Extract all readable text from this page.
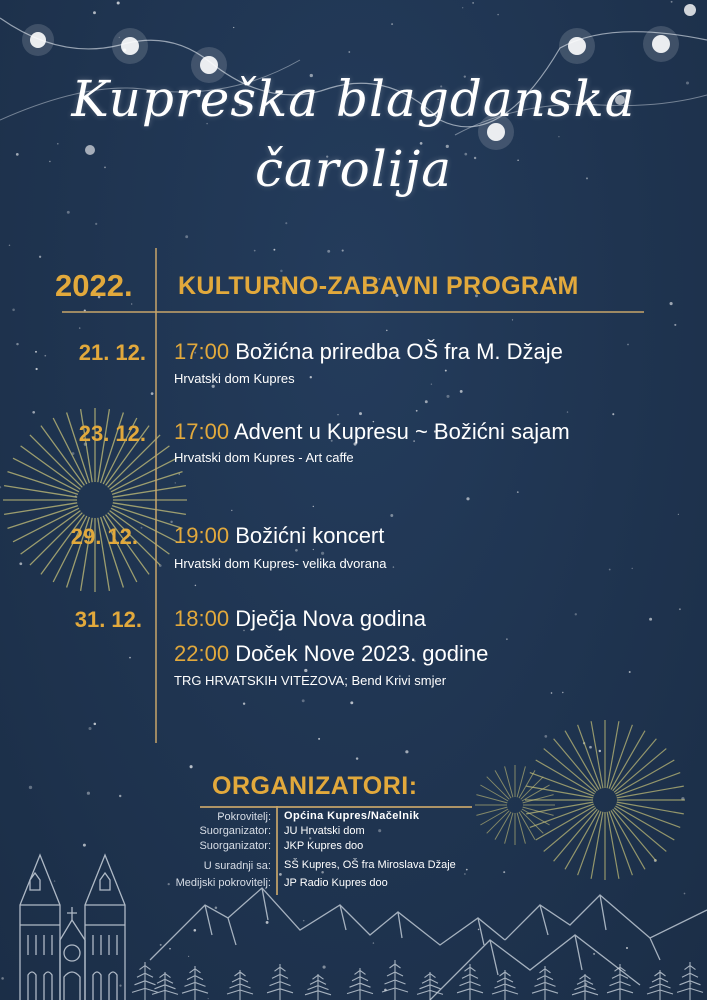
Kupreška blagdanska
čarolija
2022. KULTURNO-ZABAVNI PROGRAM
21. 12. 17:00 Božićna priredba OŠ fra M. Džaje
Hrvatski dom Kupres
23. 12. 17:00 Advent u Kupresu ~ Božićni sajam
Hrvatski dom Kupres - Art caffe
29. 12. 19:00 Božićni koncert
Hrvatski dom Kupres- velika dvorana
31. 12. 18:00 Dječja Nova godina
22:00 Doček Nove 2023. godine
TRG HRVATSKIH VITEZOVA; Bend Krivi smjer
ORGANIZATORI:
Pokrovitelj: Općina Kupres/Načelnik
Suorganizator: JU Hrvatski dom
Suorganizator: JKP Kupres doo
U suradnji sa: SŠ Kupres, OŠ fra Miroslava Džaje
Medijski pokrovitelj: JP Radio Kupres doo
